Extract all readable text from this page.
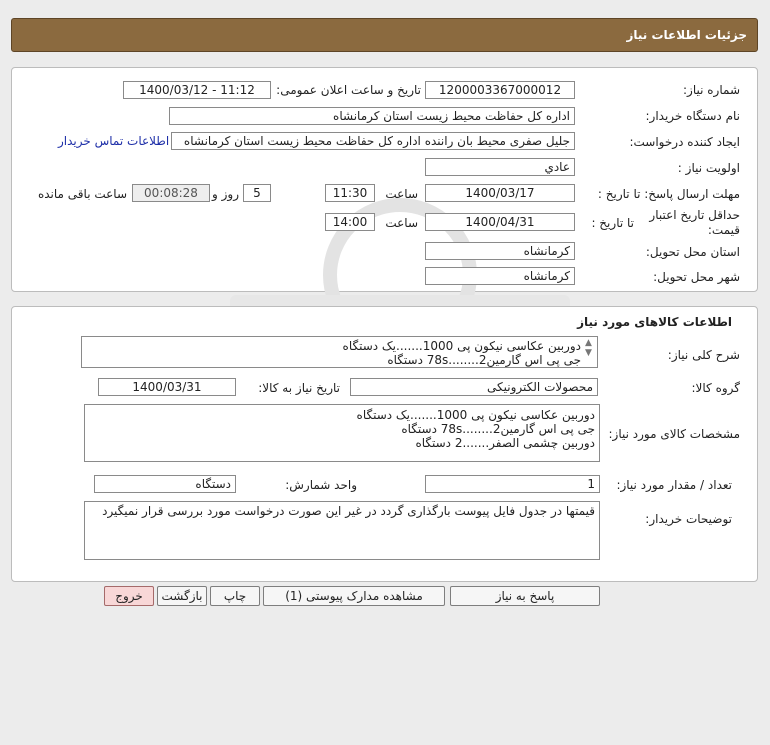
جزئیات اطلاعات نیاز
شماره نیاز:
1200003367000012
تاریخ و ساعت اعلان عمومی:
1400/03/12 - 11:12
نام دستگاه خریدار:
اداره کل حفاظت محیط زیست استان کرمانشاه
ایجاد کننده درخواست:
جلیل صفری محیط بان راننده اداره کل حفاظت محیط زیست استان کرمانشاه
اطلاعات تماس خریدار
اولویت نیاز :
عادي
مهلت ارسال پاسخ: تا تاریخ :
1400/03/17
ساعت
11:30
5
روز و
00:08:28
ساعت باقی مانده
حداقل تاریخ اعتبار قیمت:
تا تاریخ :
1400/04/31
ساعت
14:00
استان محل تحویل:
کرمانشاه
شهر محل تحویل:
کرمانشاه
اطلاعات کالاهای مورد نیاز
شرح کلی نیاز:
دوربین عکاسی نیکون پی 1000.......یک دستگاه
جی پی اس گارمین2........78s دستگاه
▲
▼
گروه کالا:
محصولات الکترونیکی
تاریخ نیاز به کالا:
1400/03/31
مشخصات کالای مورد نیاز:
دوربین عکاسی نیکون پی 1000.......یک دستگاه
جی پی اس گارمین2........78s دستگاه
دوربین چشمی الصفر.......2 دستگاه
تعداد / مقدار مورد نیاز:
1
واحد شمارش:
دستگاه
توضیحات خریدار:
قیمتها در جدول فایل پیوست بارگذاری گردد در غیر این صورت درخواست مورد بررسی قرار نمیگیرد
پاسخ به نیاز
مشاهده مدارک پیوستی (1)
چاپ
بازگشت
خروج
